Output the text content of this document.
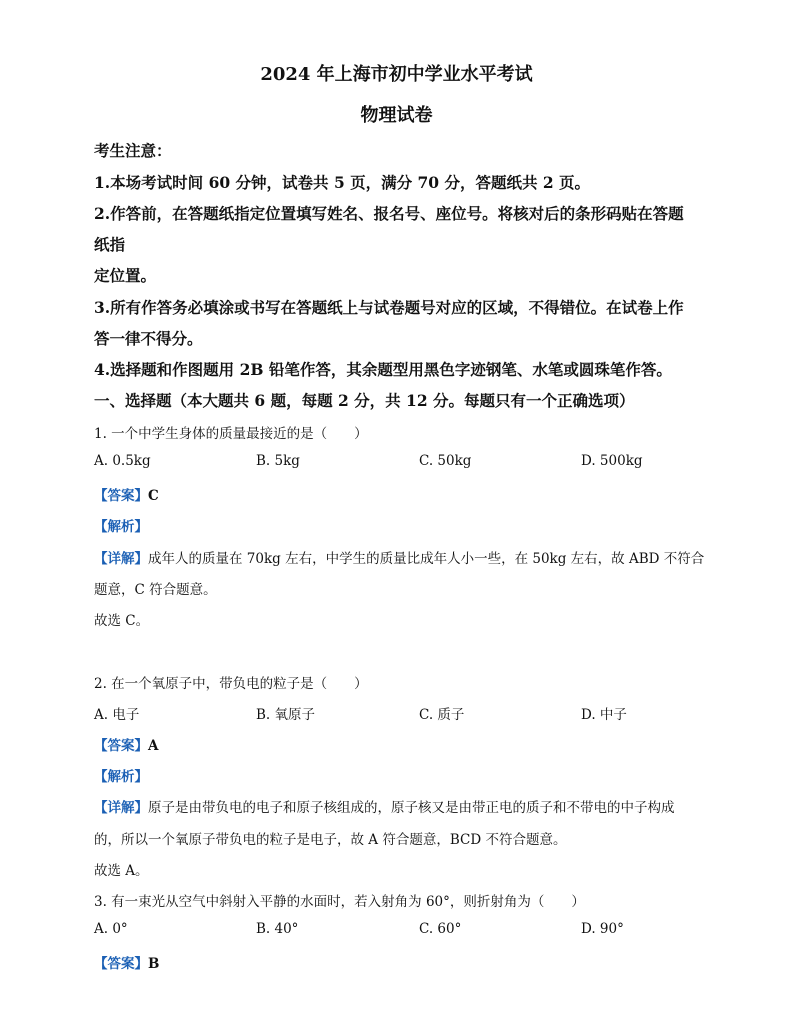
2024 年上海市初中学业水平考试
物理试卷
考生注意：
1.本场考试时间 60 分钟，试卷共 5 页，满分 70 分，答题纸共 2 页。
2.作答前，在答题纸指定位置填写姓名、报名号、座位号。将核对后的条形码贴在答题
纸指
定位置。
3.所有作答务必填涂或书写在答题纸上与试卷题号对应的区域，不得错位。在试卷上作
答一律不得分。
4.选择题和作图题用 2B 铅笔作答，其余题型用黑色字迹钢笔、水笔或圆珠笔作答。
一、选择题（本大题共 6 题，每题 2 分，共 12 分。每题只有一个正确选项）
1. 一个中学生身体的质量最接近的是（　　）
A. 0.5kg	B. 5kg	C. 50kg	D. 500kg
【答案】C
【解析】
【详解】成年人的质量在 70kg 左右，中学生的质量比成年人小一些，在 50kg 左右，故 ABD 不符合
题意，C 符合题意。
故选 C。
2. 在一个氧原子中，带负电的粒子是（　　）
A. 电子	B. 氧原子	C. 质子	D. 中子
【答案】A
【解析】
【详解】原子是由带负电的电子和原子核组成的，原子核又是由带正电的质子和不带电的中子构成
的，所以一个氧原子带负电的粒子是电子，故 A 符合题意，BCD 不符合题意。
故选 A。
3. 有一束光从空气中斜射入平静的水面时，若入射角为 60°，则折射角为（　　）
A. 0°	B. 40°	C. 60°	D. 90°
【答案】B
